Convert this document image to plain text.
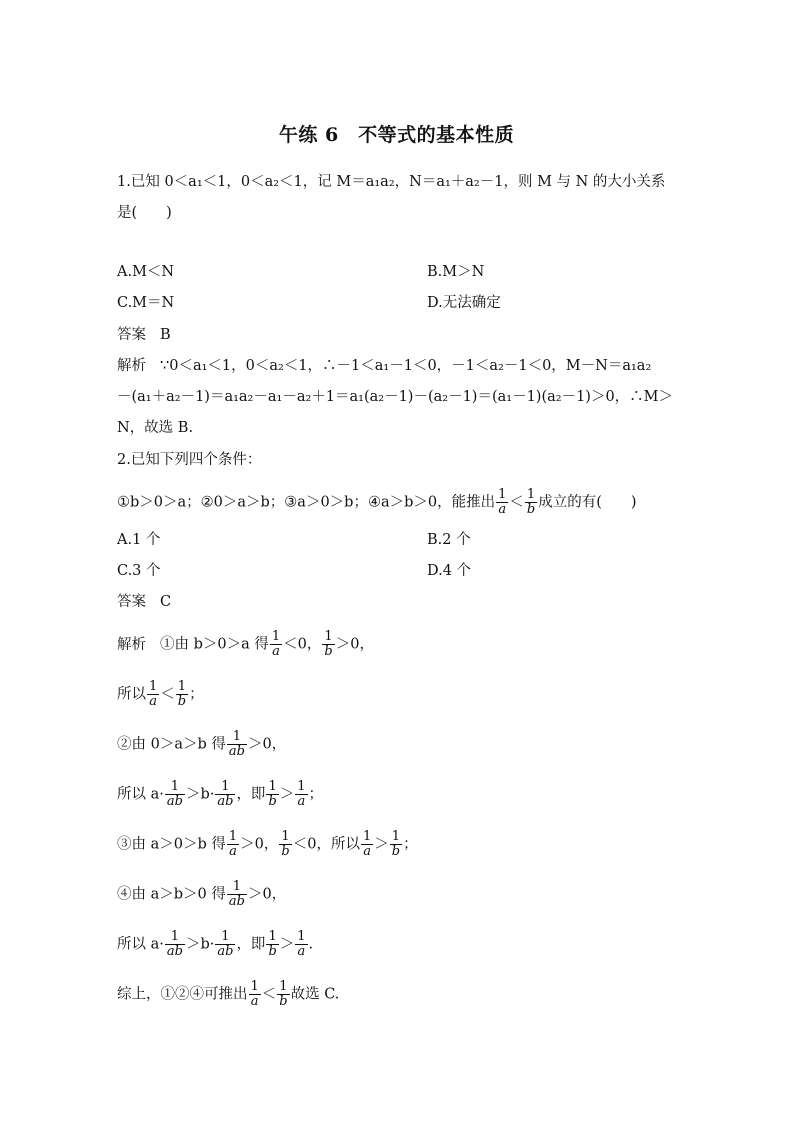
午练 6　不等式的基本性质
1.已知 0＜a₁＜1，0＜a₂＜1，记 M＝a₁a₂，N＝a₁＋a₂－1，则 M 与 N 的大小关系
是(　　)
A.M＜N	B.M＞N
C.M＝N	D.无法确定
答案 B
解析 ∵0＜a₁＜1，0＜a₂＜1，∴－1＜a₁－1＜0，－1＜a₂－1＜0，M－N＝a₁a₂
－(a₁＋a₂－1)＝a₁a₂－a₁－a₂＋1＝a₁(a₂－1)－(a₂－1)＝(a₁－1)(a₂－1)＞0，∴M＞
N，故选 B.
2.已知下列四个条件：
①b＞0＞a；②0＞a＞b；③a＞0＞b；④a＞b＞0，能推出 $\frac{1}{a} < \frac{1}{b}$ 成立的有(　　)
A.1 个	B.2 个
C.3 个	D.4 个
答案 C
解析 ①由 b＞0＞a 得 $\frac{1}{a} <0$， $\frac{1}{b} >0$，
所以 $\frac{1}{a} < \frac{1}{b}$ ；
②由 0＞a＞b 得 $\frac{1}{ab} >0$，
所以 $a\cdot \frac{1}{ab} >b\cdot \frac{1}{ab}$ ，即 $\frac{1}{b} > \frac{1}{a}$ ；
③由 a＞0＞b 得 $\frac{1}{a} >0$， $\frac{1}{b} <0$，所以 $\frac{1}{a} > \frac{1}{b}$ ；
④由 a＞b＞0 得 $\frac{1}{ab} >0$，
所以 $a\cdot \frac{1}{ab} >b\cdot \frac{1}{ab}$ ，即 $\frac{1}{b} > \frac{1}{a}$ .
综上，①②④可推出 $\frac{1}{a} < \frac{1}{b}$ 故选 C.
